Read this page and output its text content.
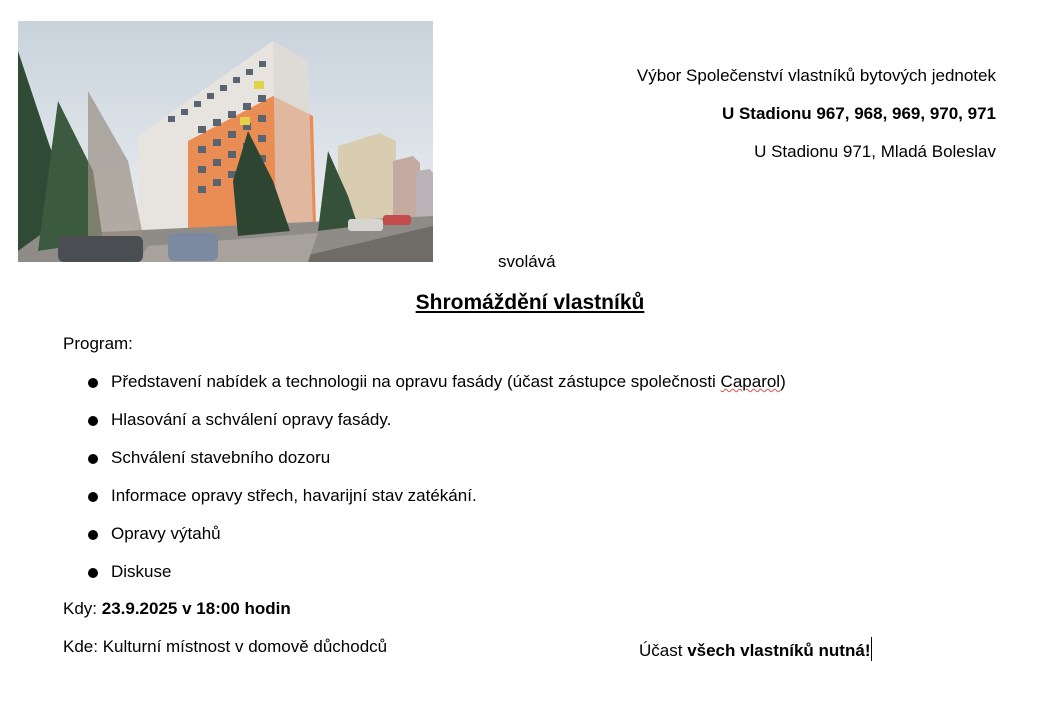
Výbor Společenství vlastníků bytových jednotek
U Stadionu 967, 968, 969, 970, 971
U Stadionu 971, Mladá Boleslav
svolává
Shromáždění vlastníků
Program:
Představení nabídek a technologii na opravu fasády (účast zástupce společnosti Caparol)
Hlasování a schválení opravy fasády.
Schválení stavebního dozoru
Informace opravy střech, havarijní stav zatékání.
Opravy výtahů
Diskuse
Kdy: 23.9.2025 v 18:00 hodin
Kde: Kulturní místnost v domově důchodců	Účast všech vlastníků nutná!
